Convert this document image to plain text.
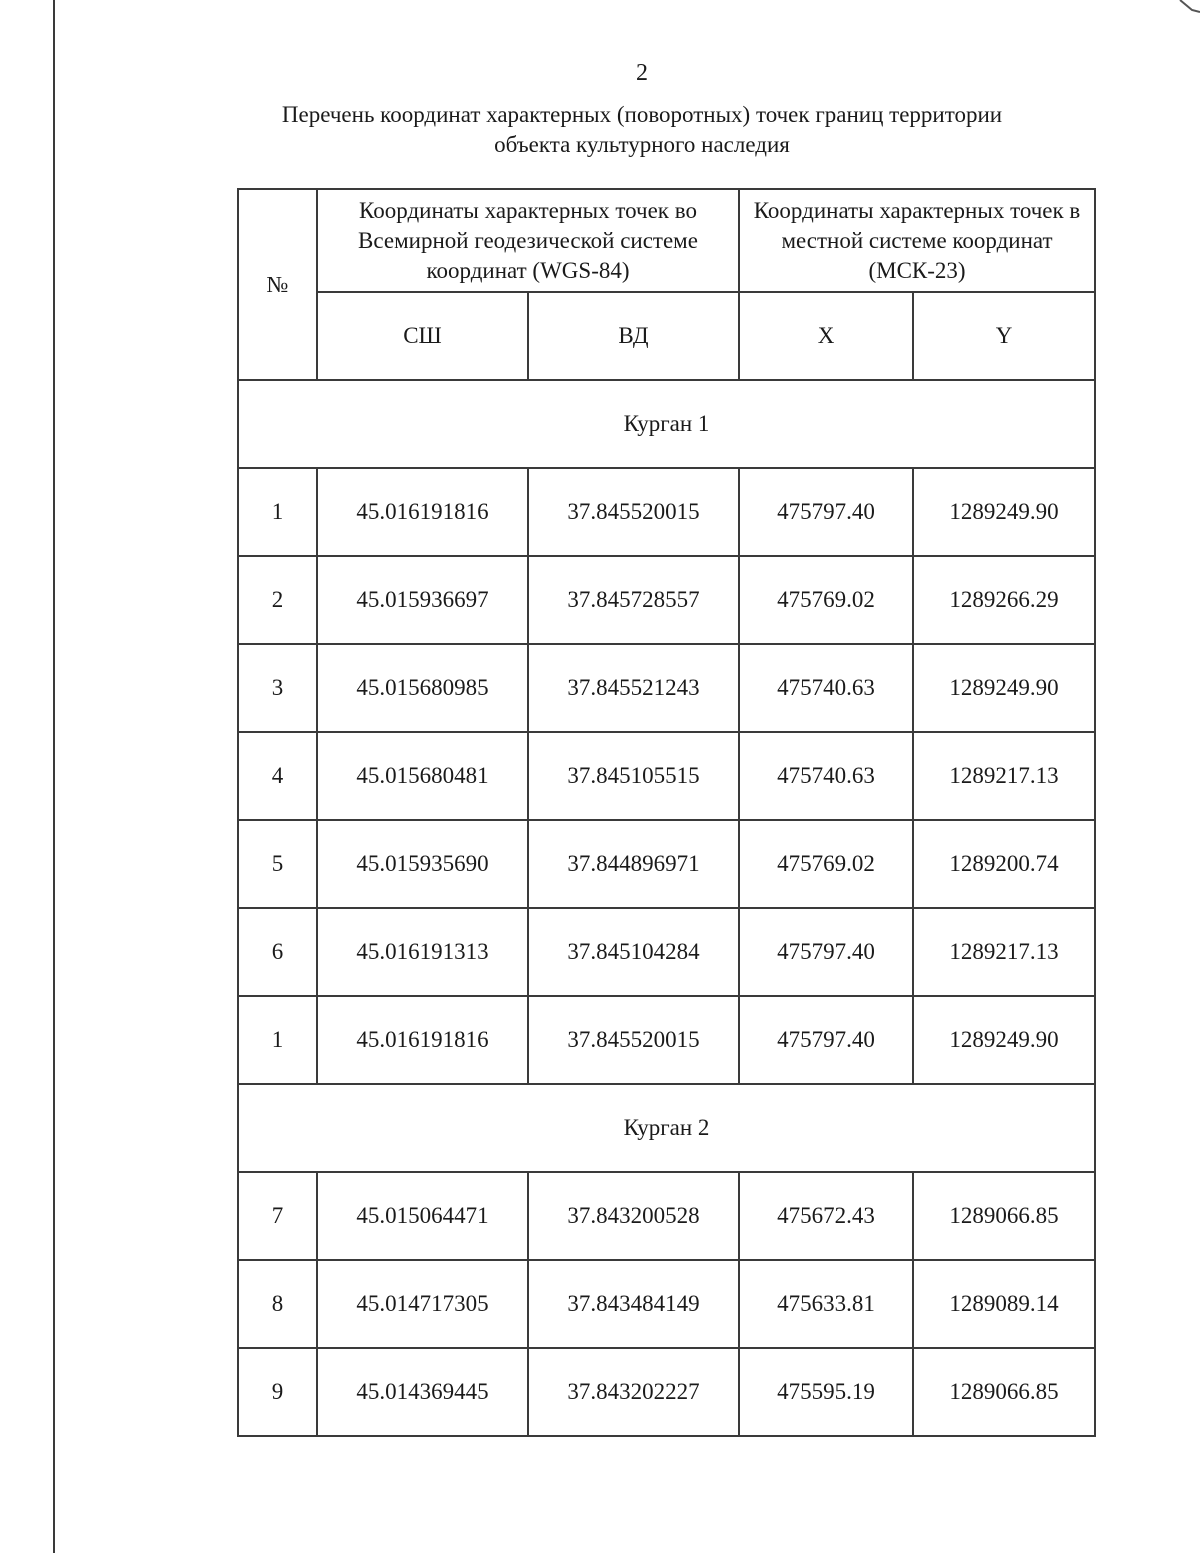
2
Перечень координат характерных (поворотных) точек границ территории
объекта культурного наследия
№	Координаты характерных точек во Всемирной геодезической системе координат (WGS-84)		Координаты характерных точек в местной системе координат (МСК-23)	
	СШ	ВД	X	Y
Курган 1				
1	45.016191816	37.845520015	475797.40	1289249.90
2	45.015936697	37.845728557	475769.02	1289266.29
3	45.015680985	37.845521243	475740.63	1289249.90
4	45.015680481	37.845105515	475740.63	1289217.13
5	45.015935690	37.844896971	475769.02	1289200.74
6	45.016191313	37.845104284	475797.40	1289217.13
1	45.016191816	37.845520015	475797.40	1289249.90
Курган 2				
7	45.015064471	37.843200528	475672.43	1289066.85
8	45.014717305	37.843484149	475633.81	1289089.14
9	45.014369445	37.843202227	475595.19	1289066.85
